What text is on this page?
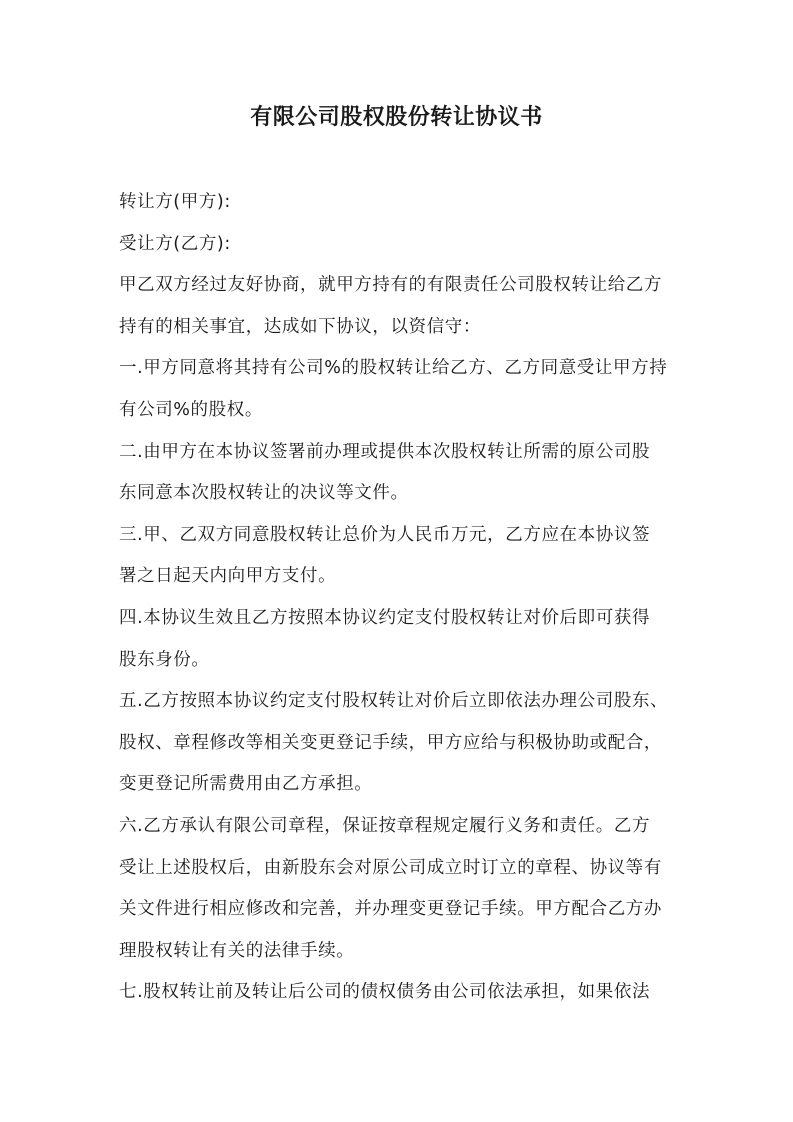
有限公司股权股份转让协议书
转让方(甲方):
受让方(乙方):
甲乙双方经过友好协商，就甲方持有的有限责任公司股权转让给乙方
持有的相关事宜，达成如下协议，以资信守：
一.甲方同意将其持有公司%的股权转让给乙方、乙方同意受让甲方持
有公司%的股权。
二.由甲方在本协议签署前办理或提供本次股权转让所需的原公司股
东同意本次股权转让的决议等文件。
三.甲、乙双方同意股权转让总价为人民币万元，乙方应在本协议签
署之日起天内向甲方支付。
四.本协议生效且乙方按照本协议约定支付股权转让对价后即可获得
股东身份。
五.乙方按照本协议约定支付股权转让对价后立即依法办理公司股东、
股权、章程修改等相关变更登记手续，甲方应给与积极协助或配合，
变更登记所需费用由乙方承担。
六.乙方承认有限公司章程，保证按章程规定履行义务和责任。乙方
受让上述股权后，由新股东会对原公司成立时订立的章程、协议等有
关文件进行相应修改和完善，并办理变更登记手续。甲方配合乙方办
理股权转让有关的法律手续。
七.股权转让前及转让后公司的债权债务由公司依法承担，如果依法
